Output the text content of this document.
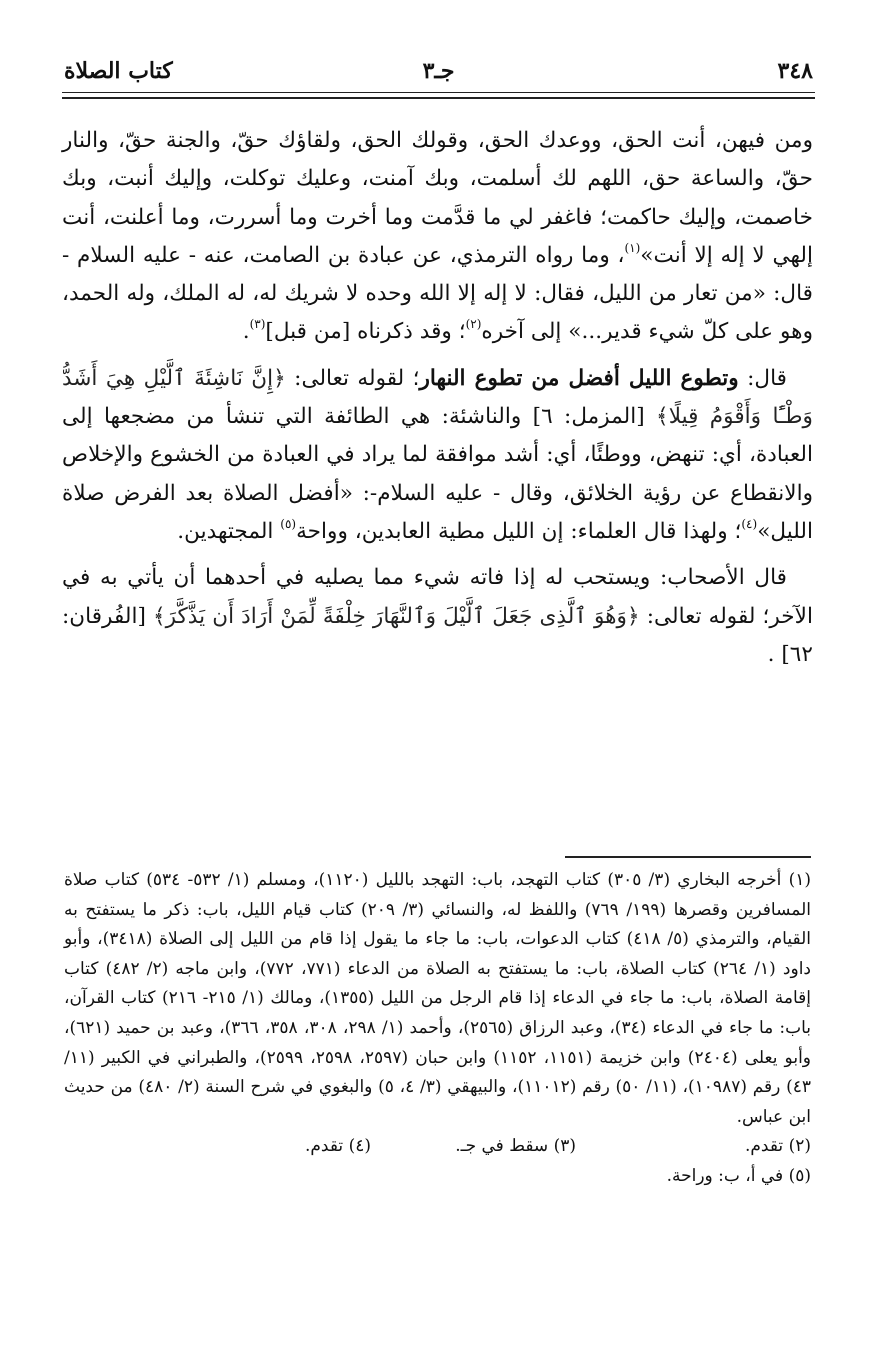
٣٤٨
جـ٣
كتاب الصلاة

ومن فيهن، أنت الحق، ووعدك الحق، وقولك الحق، ولقاؤك حقّ، والجنة حقّ، والنار حقّ، والساعة حق، اللهم لك أسلمت، وبك آمنت، وعليك توكلت، وإليك أنبت، وبك خاصمت، وإليك حاكمت؛ فاغفر لي ما قدَّمت وما أخرت وما أسررت، وما أعلنت، أنت إلهي لا إله إلا أنت»$^{(١)}$، وما رواه الترمذي، عن عبادة بن الصامت، عنه - عليه السلام - قال: «من تعار من الليل، فقال: لا إله إلا الله وحده لا شريك له، له الملك، وله الحمد، وهو على كلّ شيء قدير...» إلى آخره$^{(٢)}$؛ وقد ذكرناه [من قبل]$^{(٣)}$.

قال: وتطوع الليل أفضل من تطوع النهار؛ لقوله تعالى: ﴿إِنَّ نَاشِئَةَ ٱلَّيْلِ هِيَ أَشَدُّ وَطْـًٔا وَأَقْوَمُ قِيلًا﴾ [المزمل: ٦] والناشئة: هي الطائفة التي تنشأ من مضجعها إلى العبادة، أي: تنهض، ووطئًا، أي: أشد موافقة لما يراد في العبادة من الخشوع والإخلاص والانقطاع عن رؤية الخلائق، وقال - عليه السلام-: «أفضل الصلاة بعد الفرض صلاة الليل»$^{(٤)}$؛ ولهذا قال العلماء: إن الليل مطية العابدين، وواحة$^{(٥)}$ المجتهدين.

قال الأصحاب: ويستحب له إذا فاته شيء مما يصليه في أحدهما أن يأتي به في الآخر؛ لقوله تعالى: ﴿وَهُوَ ٱلَّذِى جَعَلَ ٱلَّيْلَ وَٱلنَّهَارَ خِلْفَةً لِّمَنْ أَرَادَ أَن يَذَّكَّرَ﴾ [الفُرقان: ٦٢] .

(١) أخرجه البخاري (٣/ ٣٠٥) كتاب التهجد، باب: التهجد بالليل (١١٢٠)، ومسلم (١/ ٥٣٢- ٥٣٤) كتاب صلاة المسافرين وقصرها (١٩٩/ ٧٦٩) واللفظ له، والنسائي (٣/ ٢٠٩) كتاب قيام الليل، باب: ذكر ما يستفتح به القيام، والترمذي (٥/ ٤١٨) كتاب الدعوات، باب: ما جاء ما يقول إذا قام من الليل إلى الصلاة (٣٤١٨)، وأبو داود (١/ ٢٦٤) كتاب الصلاة، باب: ما يستفتح به الصلاة من الدعاء (٧٧١، ٧٧٢)، وابن ماجه (٢/ ٤٨٢) كتاب إقامة الصلاة، باب: ما جاء في الدعاء إذا قام الرجل من الليل (١٣٥٥)، ومالك (١/ ٢١٥- ٢١٦) كتاب القرآن، باب: ما جاء في الدعاء (٣٤)، وعبد الرزاق (٢٥٦٥)، وأحمد (١/ ٢٩٨، ٣٠٨، ٣٥٨، ٣٦٦)، وعبد بن حميد (٦٢١)، وأبو يعلى (٢٤٠٤) وابن خزيمة (١١٥١، ١١٥٢) وابن حبان (٢٥٩٧، ٢٥٩٨، ٢٥٩٩)، والطبراني في الكبير (١١/ ٤٣) رقم (١٠٩٨٧)، (١١/ ٥٠) رقم (١١٠١٢)، والبيهقي (٣/ ٤، ٥) والبغوي في شرح السنة (٢/ ٤٨٠) من حديث ابن عباس.

(٢) تقدم.
(٣) سقط في جـ.
(٤) تقدم.

(٥) في أ، ب: وراحة.
